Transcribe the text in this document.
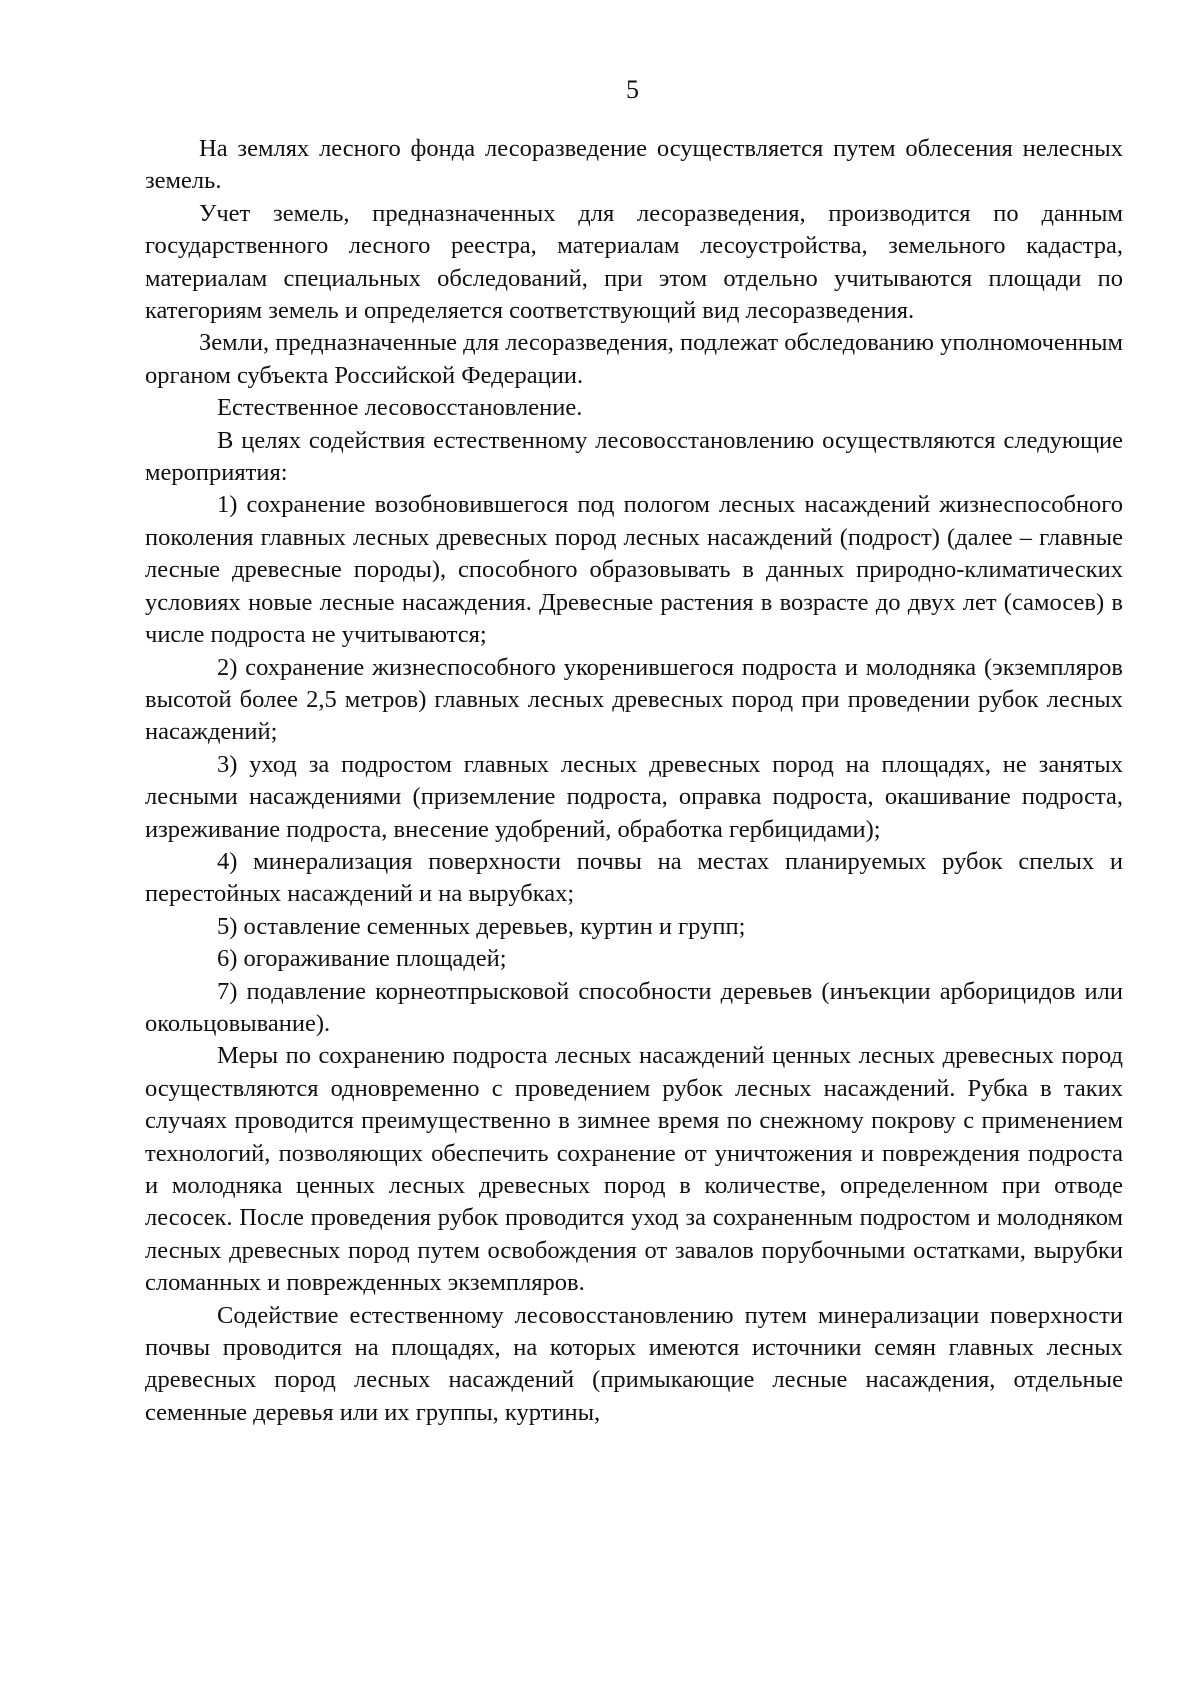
5

На землях лесного фонда лесоразведение осуществляется путем облесения нелесных земель.

Учет земель, предназначенных для лесоразведения, производится по данным государственного лесного реестра, материалам лесоустройства, земельного кадастра, материалам специальных обследований, при этом отдельно учитываются площади по категориям земель и определяется соответствующий вид лесоразведения.

Земли, предназначенные для лесоразведения, подлежат обследованию уполномоченным органом субъекта Российской Федерации.

Естественное лесовосстановление.

В целях содействия естественному лесовосстановлению осуществляются следующие мероприятия:

1) сохранение возобновившегося под пологом лесных насаждений жизнеспособного поколения главных лесных древесных пород лесных насаждений (подрост) (далее – главные лесные древесные породы), способного образовывать в данных природно-климатических условиях новые лесные насаждения. Древесные растения в возрасте до двух лет (самосев) в числе подроста не учитываются;

2) сохранение жизнеспособного укоренившегося подроста и молодняка (экземпляров высотой более 2,5 метров) главных лесных древесных пород при проведении рубок лесных насаждений;

3) уход за подростом главных лесных древесных пород на площадях, не занятых лесными насаждениями (приземление подроста, оправка подроста, окашивание подроста, изреживание подроста, внесение удобрений, обработка гербицидами);

4) минерализация поверхности почвы на местах планируемых рубок спелых и перестойных насаждений и на вырубках;

5) оставление семенных деревьев, куртин и групп;

6) огораживание площадей;

7) подавление корнеотпрысковой способности деревьев (инъекции арборицидов или окольцовывание).

Меры по сохранению подроста лесных насаждений ценных лесных древесных пород осуществляются одновременно с проведением рубок лесных насаждений. Рубка в таких случаях проводится преимущественно в зимнее время по снежному покрову с применением технологий, позволяющих обеспечить сохранение от уничтожения и повреждения подроста и молодняка ценных лесных древесных пород в количестве, определенном при отводе лесосек. После проведения рубок проводится уход за сохраненным подростом и молодняком лесных древесных пород путем освобождения от завалов порубочными остатками, вырубки сломанных и поврежденных экземпляров.

Содействие естественному лесовосстановлению путем минерализации поверхности почвы проводится на площадях, на которых имеются источники семян главных лесных древесных пород лесных насаждений (примыкающие лесные насаждения, отдельные семенные деревья или их группы, куртины,
